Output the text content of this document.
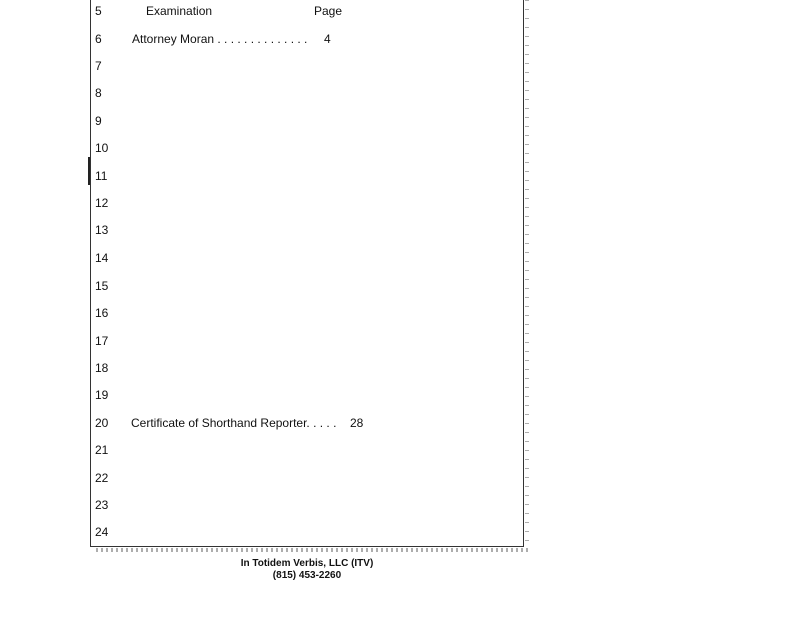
5	Examination	Page
6	Attorney Moran . . . . . . . . . . . . . . 4
7
8
9
10
11
12
13
14
15
16
17
18
19
20	Certificate of Shorthand Reporter. . . . . 28
21
22
23
24
In Totidem Verbis, LLC (ITV)
(815) 453-2260
